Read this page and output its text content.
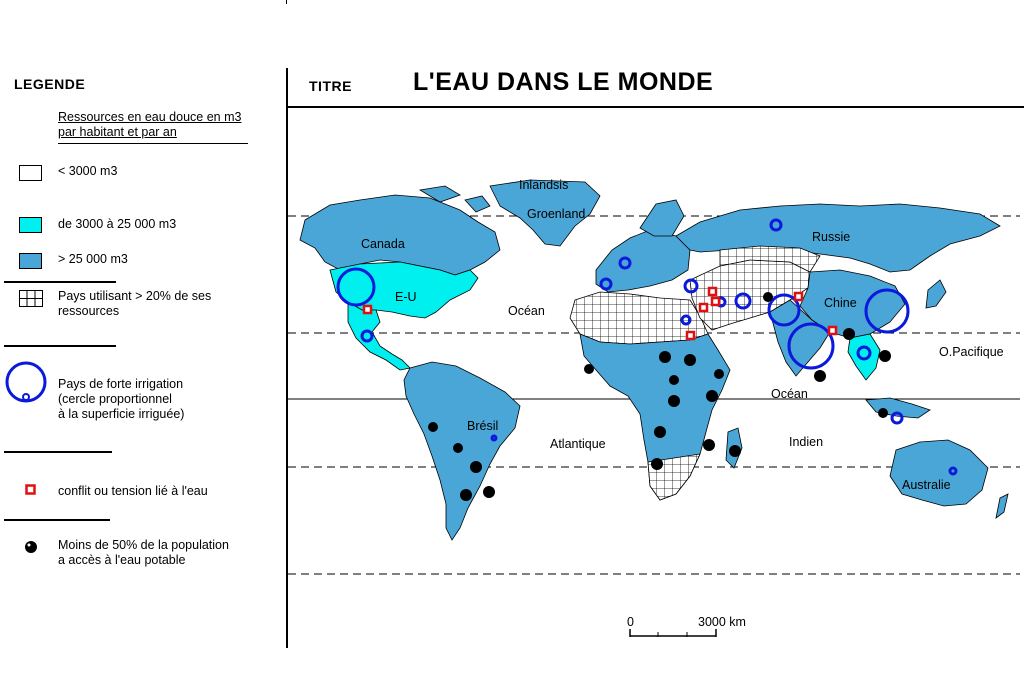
LEGENDE
Ressources en eau douce en m3
par habitant et par an
< 3000 m3
de 3000 à 25 000 m3
> 25 000 m3
Pays utilisant > 20% de ses
ressources
Pays de forte irrigation
(cercle proportionnel
à la superficie irriguée)
conflit ou tension lié à l'eau
Moins de 50% de la population
a accès à l'eau potable
TITRE L'EAU DANS LE MONDE
Inlandsis
Groenland
Canada
E-U
Océan
Russie
Chine
O.Pacifique
Océan
Brésil
Atlantique	Indien
Australie
0	3000 km
